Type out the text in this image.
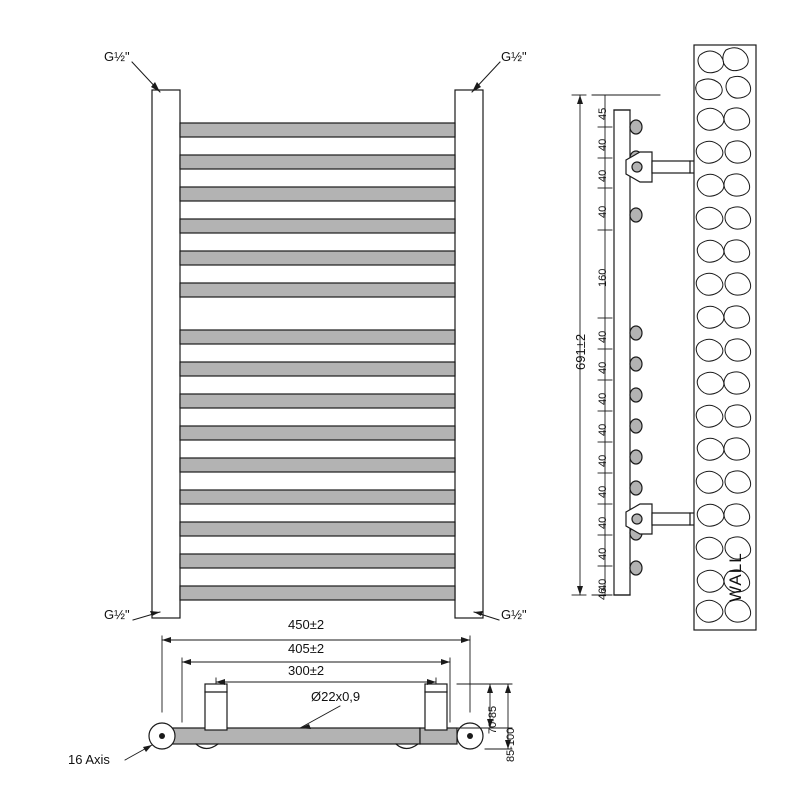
G½"	G½"
G½"	G½"
691±2
45
40
40
40
160
40
40
40
40
40
40
40
40
40
46	WALL
450±2
405±2
300±2
Ø22x0,9
70-85
85-100
16 Axis
